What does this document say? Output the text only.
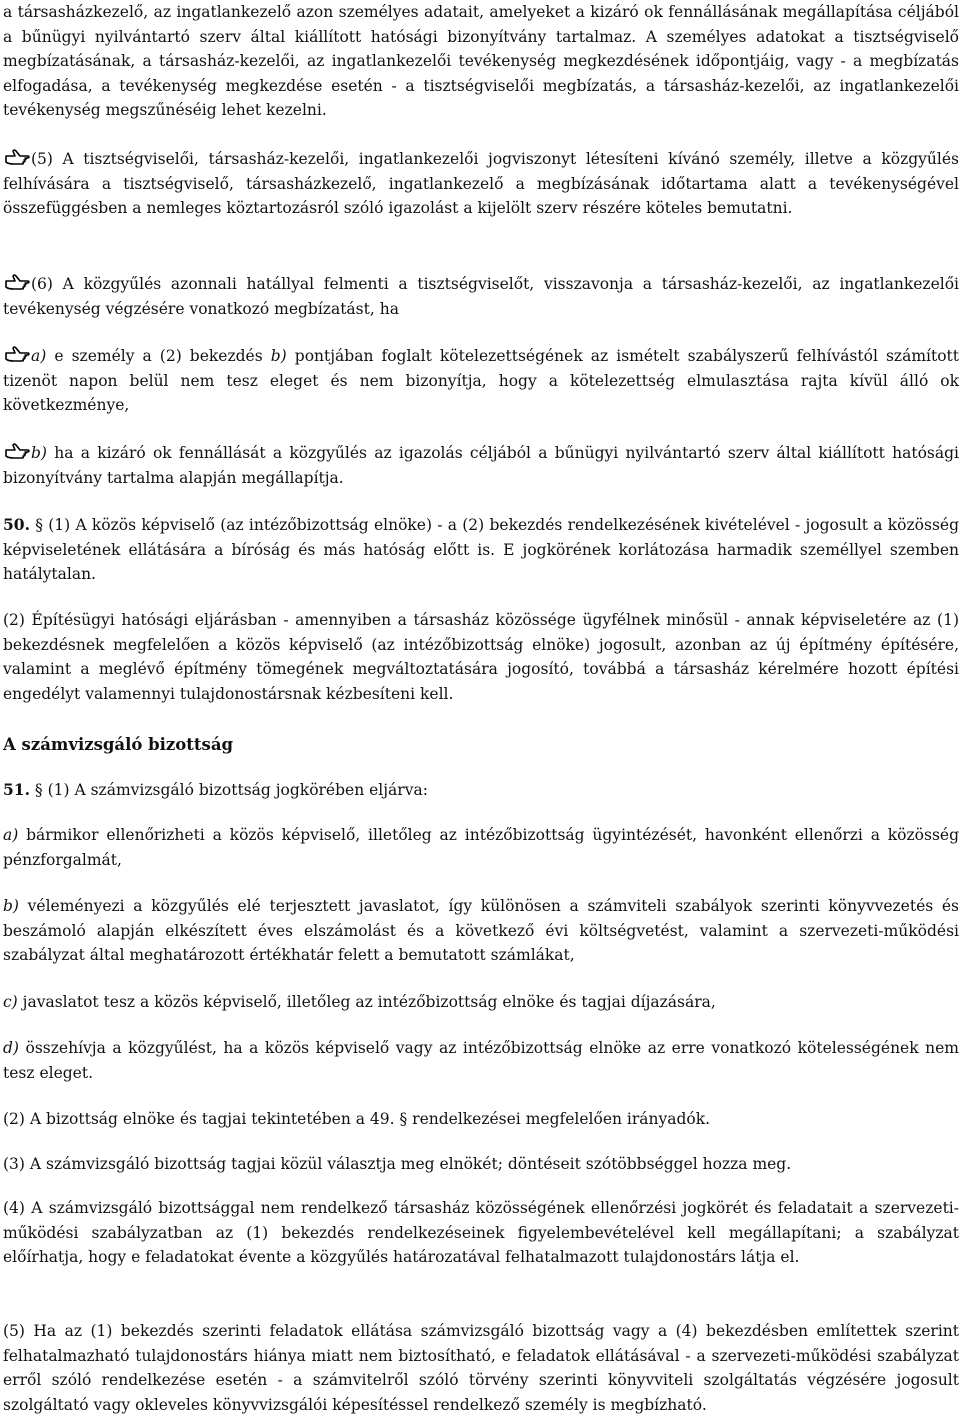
a társasházkezelő, az ingatlankezelő azon személyes adatait, amelyeket a kizáró ok fennállásának megállapítása céljából a bűnügyi nyilvántartó szerv által kiállított hatósági bizonyítvány tartalmaz. A személyes adatokat a tisztségviselő megbízatásának, a társasház-kezelői, az ingatlankezelői tevékenység megkezdésének időpontjáig, vagy - a megbízatás elfogadása, a tevékenység megkezdése esetén - a tisztségviselői megbízatás, a társasház-kezelői, az ingatlankezelői tevékenység megszűnéséig lehet kezelni.

(5) A tisztségviselői, társasház-kezelői, ingatlankezelői jogviszonyt létesíteni kívánó személy, illetve a közgyűlés felhívására a tisztségviselő, társasházkezelő, ingatlankezelő a megbízásának időtartama alatt a tevékenységével összefüggésben a nemleges köztartozásról szóló igazolást a kijelölt szerv részére köteles bemutatni.

(6) A közgyűlés azonnali hatállyal felmenti a tisztségviselőt, visszavonja a társasház-kezelői, az ingatlankezelői tevékenység végzésére vonatkozó megbízatást, ha

a) e személy a (2) bekezdés b) pontjában foglalt kötelezettségének az ismételt szabályszerű felhívástól számított tizenöt napon belül nem tesz eleget és nem bizonyítja, hogy a kötelezettség elmulasztása rajta kívül álló ok következménye,

b) ha a kizáró ok fennállását a közgyűlés az igazolás céljából a bűnügyi nyilvántartó szerv által kiállított hatósági bizonyítvány tartalma alapján megállapítja.

50. § (1) A közös képviselő (az intézőbizottság elnöke) - a (2) bekezdés rendelkezésének kivételével - jogosult a közösség képviseletének ellátására a bíróság és más hatóság előtt is. E jogkörének korlátozása harmadik személlyel szemben hatálytalan.

(2) Építésügyi hatósági eljárásban - amennyiben a társasház közössége ügyfélnek minősül - annak képviseletére az (1) bekezdésnek megfelelően a közös képviselő (az intézőbizottság elnöke) jogosult, azonban az új építmény építésére, valamint a meglévő építmény tömegének megváltoztatására jogosító, továbbá a társasház kérelmére hozott építési engedélyt valamennyi tulajdonostársnak kézbesíteni kell.

A számvizsgáló bizottság

51. § (1) A számvizsgáló bizottság jogkörében eljárva:

a) bármikor ellenőrizheti a közös képviselő, illetőleg az intézőbizottság ügyintézését, havonként ellenőrzi a közösség pénzforgalmát,

b) véleményezi a közgyűlés elé terjesztett javaslatot, így különösen a számviteli szabályok szerinti könyvvezetés és beszámoló alapján elkészített éves elszámolást és a következő évi költségvetést, valamint a szervezeti-működési szabályzat által meghatározott értékhatár felett a bemutatott számlákat,

c) javaslatot tesz a közös képviselő, illetőleg az intézőbizottság elnöke és tagjai díjazására,

d) összehívja a közgyűlést, ha a közös képviselő vagy az intézőbizottság elnöke az erre vonatkozó kötelességének nem tesz eleget.

(2) A bizottság elnöke és tagjai tekintetében a 49. § rendelkezései megfelelően irányadók.

(3) A számvizsgáló bizottság tagjai közül választja meg elnökét; döntéseit szótöbbséggel hozza meg.

(4) A számvizsgáló bizottsággal nem rendelkező társasház közösségének ellenőrzési jogkörét és feladatait a szervezeti-működési szabályzatban az (1) bekezdés rendelkezéseinek figyelembevételével kell megállapítani; a szabályzat előírhatja, hogy e feladatokat évente a közgyűlés határozatával felhatalmazott tulajdonostárs látja el.

(5) Ha az (1) bekezdés szerinti feladatok ellátása számvizsgáló bizottság vagy a (4) bekezdésben említettek szerint felhatalmazható tulajdonostárs hiánya miatt nem biztosítható, e feladatok ellátásával - a szervezeti-működési szabályzat erről szóló rendelkezése esetén - a számvitelről szóló törvény szerinti könyvviteli szolgáltatás végzésére jogosult szolgáltató vagy okleveles könyvvizsgálói képesítéssel rendelkező személy is megbízható.
